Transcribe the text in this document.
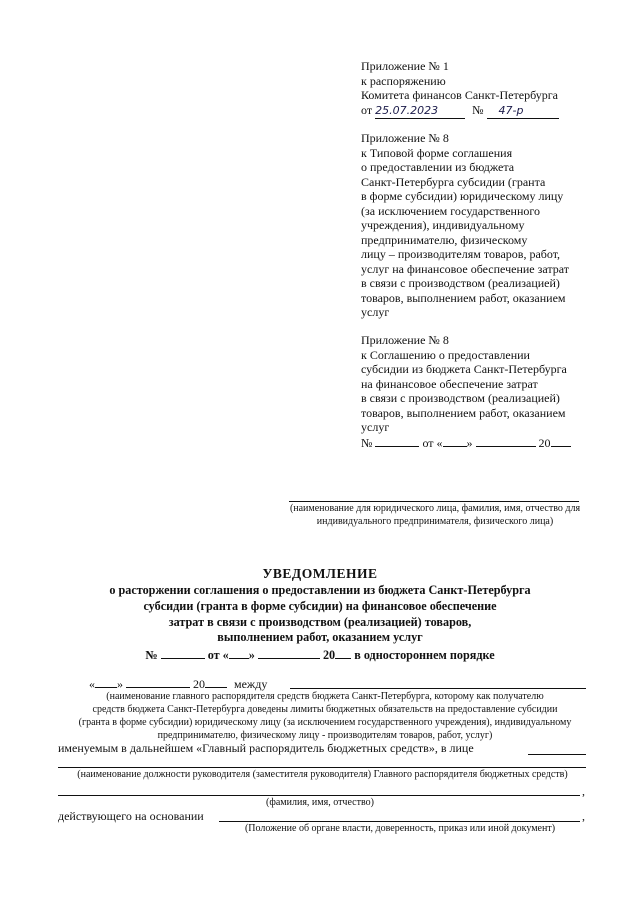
Приложение № 1
к распоряжению
Комитета финансов Санкт-Петербурга
от 25.07.2023	№ 47-р
Приложение № 8
к Типовой форме соглашения
о предоставлении из бюджета
Санкт-Петербурга субсидии (гранта
в форме субсидии) юридическому лицу
(за исключением государственного
учреждения), индивидуальному
предпринимателю, физическому
лицу – производителям товаров, работ,
услуг на финансовое обеспечение затрат
в связи с производством (реализацией)
товаров, выполнением работ, оказанием
услуг
Приложение № 8
к Соглашению о предоставлении
субсидии из бюджета Санкт-Петербурга
на финансовое обеспечение затрат
в связи с производством (реализацией)
товаров, выполнением работ, оказанием
услуг
№	от « »	20
(наименование для юридического лица, фамилия, имя, отчество для индивидуального предпринимателя, физического лица)
УВЕДОМЛЕНИЕ
о расторжении соглашения о предоставлении из бюджета Санкт-Петербурга
субсидии (гранта в форме субсидии) на финансовое обеспечение
затрат в связи с производством (реализацией) товаров,
выполнением работ, оказанием услуг
№	от « »	20 в одностороннем порядке
« »	20 между
(наименование главного распорядителя средств бюджета Санкт-Петербурга, которому как получателю
средств бюджета Санкт-Петербурга доведены лимиты бюджетных обязательств на предоставление субсидии
(гранта в форме субсидии) юридическому лицу (за исключением государственного учреждения), индивидуальному
предпринимателю, физическому лицу - производителям товаров, работ, услуг)
именуемым в дальнейшем «Главный распорядитель бюджетных средств», в лице
(наименование должности руководителя (заместителя руководителя) Главного распорядителя бюджетных средств)
,
(фамилия, имя, отчество)
действующего на основании	,
(Положение об органе власти, доверенность, приказ или иной документ)
